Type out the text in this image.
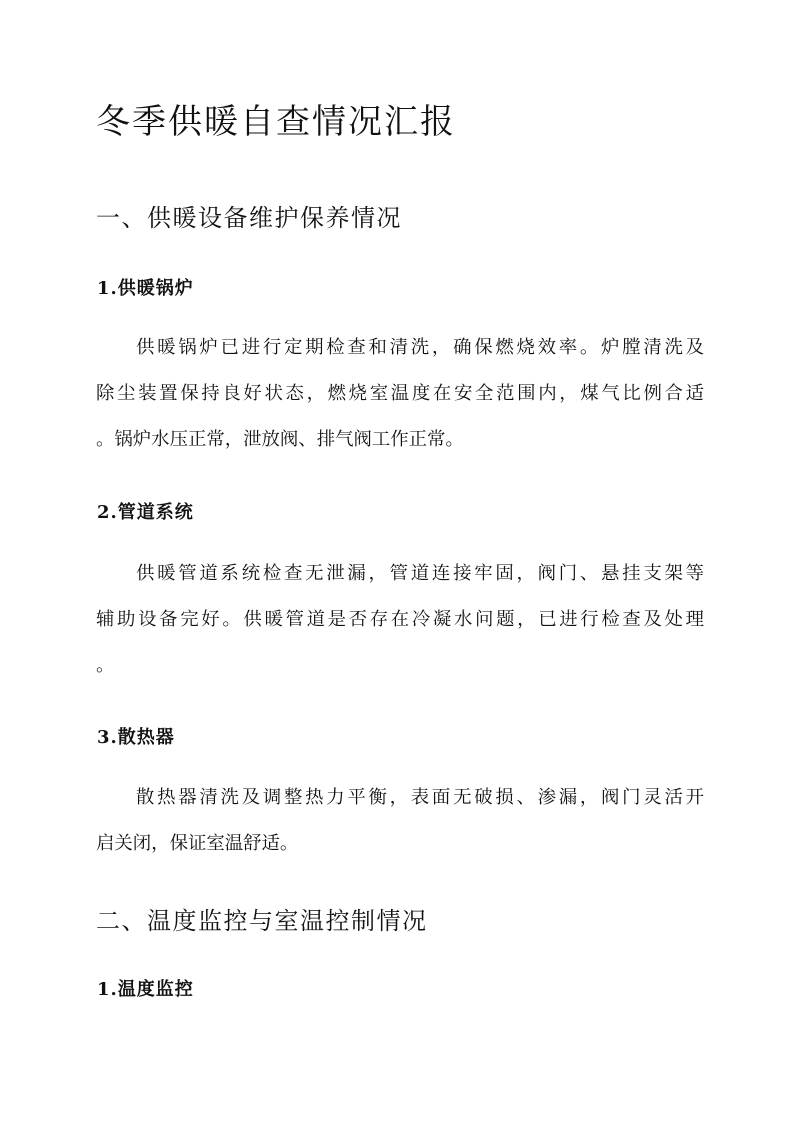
冬季供暖自查情况汇报
一、供暖设备维护保养情况
1.供暖锅炉
供暖锅炉已进行定期检查和清洗，确保燃烧效率。炉膛清洗及
除尘装置保持良好状态，燃烧室温度在安全范围内，煤气比例合适
。锅炉水压正常，泄放阀、排气阀工作正常。
2.管道系统
供暖管道系统检查无泄漏，管道连接牢固，阀门、悬挂支架等
辅助设备完好。供暖管道是否存在冷凝水问题，已进行检查及处理
。
3.散热器
散热器清洗及调整热力平衡，表面无破损、渗漏，阀门灵活开
启关闭，保证室温舒适。
二、温度监控与室温控制情况
1.温度监控
